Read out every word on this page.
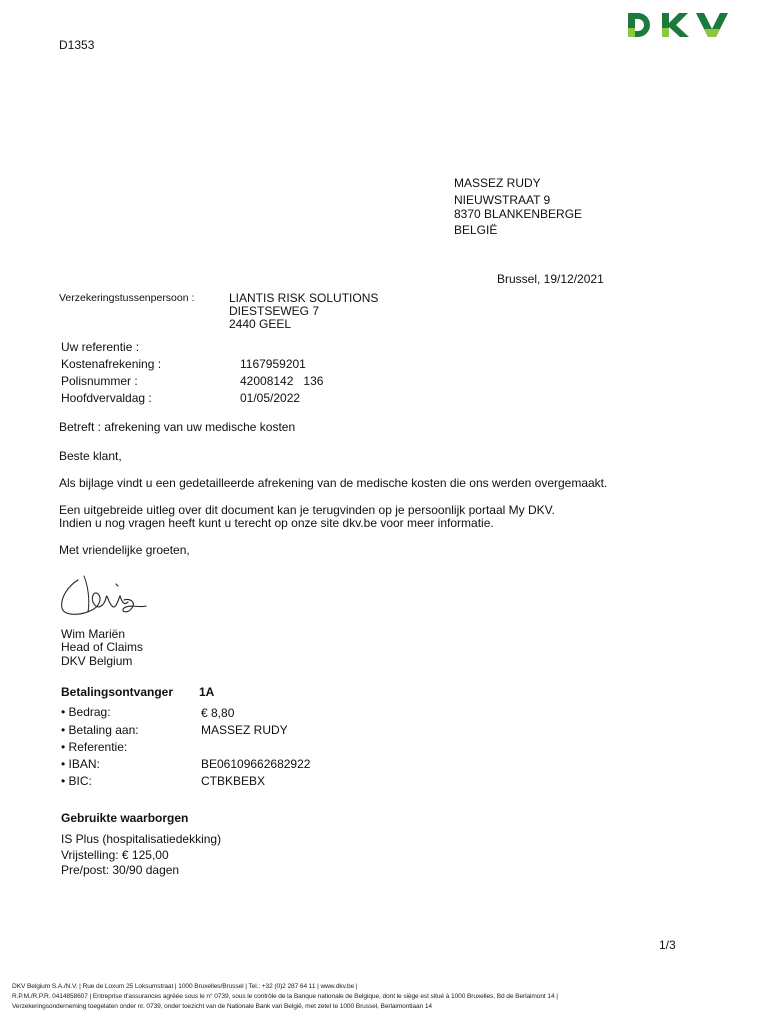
D1353
MASSEZ RUDY
NIEUWSTRAAT 9
8370 BLANKENBERGE
BELGIË
Brussel, 19/12/2021
Verzekeringstussenpersoon :	LIANTIS RISK SOLUTIONS
DIESTSEWEG 7
2440 GEEL
Uw referentie :
Kostenafrekening :	1167959201
Polisnummer :	42008142   136
Hoofdvervaldag :	01/05/2022
Betreft : afrekening van uw medische kosten
Beste klant,
Als bijlage vindt u een gedetailleerde afrekening van de medische kosten die ons werden overgemaakt.
Een uitgebreide uitleg over dit document kan je terugvinden op je persoonlijk portaal My DKV.
Indien u nog vragen heeft kunt u terecht op onze site dkv.be voor meer informatie.
Met vriendelijke groeten,
Wim Mariën
Head of Claims
DKV Belgium
Betalingsontvanger 1A
• Bedrag:	€ 8,80
• Betaling aan:	MASSEZ RUDY
• Referentie:
• IBAN:	BE06109662682922
• BIC:	CTBKBEBX
Gebruikte waarborgen
IS Plus (hospitalisatiedekking)
Vrijstelling: € 125,00
Pre/post: 30/90 dagen
1/3
DKV Belgium S.A./N.V. | Rue de Loxum 25 Loksumstraat | 1000 Bruxelles/Brussel | Tel.: +32 (0)2 287 64 11 | www.dkv.be |
R.P.M./R.P.R. 0414858607 | Entreprise d'assurances agréée sous le n° 0739, sous le contrôle de la Banque nationale de Belgique, dont le siège est situé à 1000 Bruxelles, Bd de Berlaimont 14 |
Verzekeringsonderneming toegelaten onder nr. 0739, onder toezicht van de Nationale Bank van België, met zetel te 1000 Brussel, Berlaimontlaan 14
